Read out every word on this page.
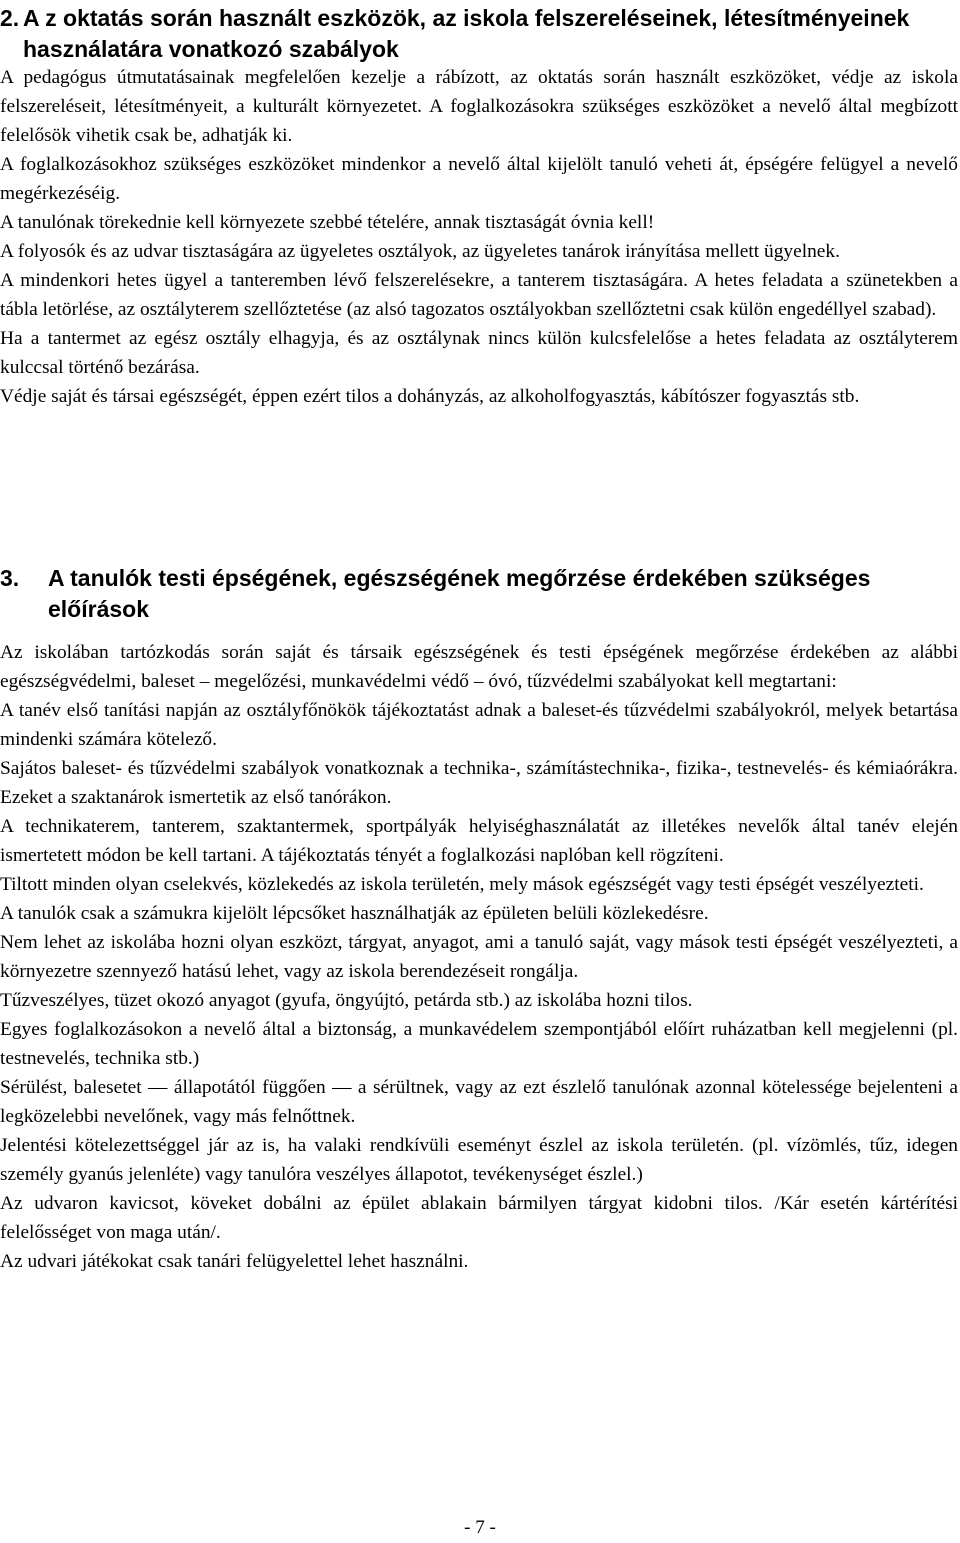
2. A z oktatás során használt eszközök, az iskola felszereléseinek, létesítményeinek használatára vonatkozó szabályok

A pedagógus útmutatásainak megfelelően kezelje a rábízott, az oktatás során használt eszközöket, védje az iskola felszereléseit, létesítményeit, a kulturált környezetet. A foglalkozásokra szükséges eszközöket a nevelő által megbízott felelősök vihetik csak be, adhatják ki.

A foglalkozásokhoz szükséges eszközöket mindenkor a nevelő által kijelölt tanuló veheti át, épségére felügyel a nevelő megérkezéséig.

A tanulónak törekednie kell környezete szebbé tételére, annak tisztaságát óvnia kell!

A folyosók és az udvar tisztaságára az ügyeletes osztályok, az ügyeletes tanárok irányítása mellett ügyelnek.

A mindenkori hetes ügyel a tanteremben lévő felszerelésekre, a tanterem tisztaságára. A hetes feladata a szünetekben a tábla letörlése, az osztályterem szellőztetése (az alsó tagozatos osztályokban szellőztetni csak külön engedéllyel szabad).

Ha a tantermet az egész osztály elhagyja, és az osztálynak nincs külön kulcsfelelőse a hetes feladata az osztályterem kulccsal történő bezárása.

Védje saját és társai egészségét, éppen ezért tilos a dohányzás, az alkoholfogyasztás, kábítószer fogyasztás stb.

3.	A tanulók testi épségének, egészségének megőrzése érdekében szükséges előírások

Az iskolában tartózkodás során saját és társaik egészségének és testi épségének megőrzése érdekében az alábbi egészségvédelmi, baleset – megelőzési, munkavédelmi védő – óvó, tűzvédelmi szabályokat kell megtartani:

A tanév első tanítási napján az osztályfőnökök tájékoztatást adnak a baleset-és tűzvédelmi szabályokról, melyek betartása mindenki számára kötelező.

Sajátos baleset- és tűzvédelmi szabályok vonatkoznak a technika-, számítástechnika-, fizika-, testnevelés- és kémiaórákra. Ezeket a szaktanárok ismertetik az első tanórákon.

A technikaterem, tanterem, szaktantermek, sportpályák helyiséghasználatát az illetékes nevelők által tanév elején ismertetett módon be kell tartani. A tájékoztatás tényét a foglalkozási naplóban kell rögzíteni.

Tiltott minden olyan cselekvés, közlekedés az iskola területén, mely mások egészségét vagy testi épségét veszélyezteti.

A tanulók csak a számukra kijelölt lépcsőket használhatják az épületen belüli közlekedésre.

Nem lehet az iskolába hozni olyan eszközt, tárgyat, anyagot, ami a tanuló saját, vagy mások testi épségét veszélyezteti, a környezetre szennyező hatású lehet, vagy az iskola berendezéseit rongálja.

Tűzveszélyes, tüzet okozó anyagot (gyufa, öngyújtó, petárda stb.) az iskolába hozni tilos.

Egyes foglalkozásokon a nevelő által a biztonság, a munkavédelem szempontjából előírt ruházatban kell megjelenni (pl. testnevelés, technika stb.)

Sérülést, balesetet — állapotától függően — a sérültnek, vagy az ezt észlelő tanulónak azonnal kötelessége bejelenteni a legközelebbi nevelőnek, vagy más felnőttnek.

Jelentési kötelezettséggel jár az is, ha valaki rendkívüli eseményt észlel az iskola területén. (pl. vízömlés, tűz, idegen személy gyanús jelenléte) vagy tanulóra veszélyes állapotot, tevékenységet észlel.)

Az udvaron kavicsot, köveket dobálni az épület ablakain bármilyen tárgyat kidobni tilos. /Kár esetén kártérítési felelősséget von maga után/.

Az udvari játékokat csak tanári felügyelettel lehet használni.

- 7 -
